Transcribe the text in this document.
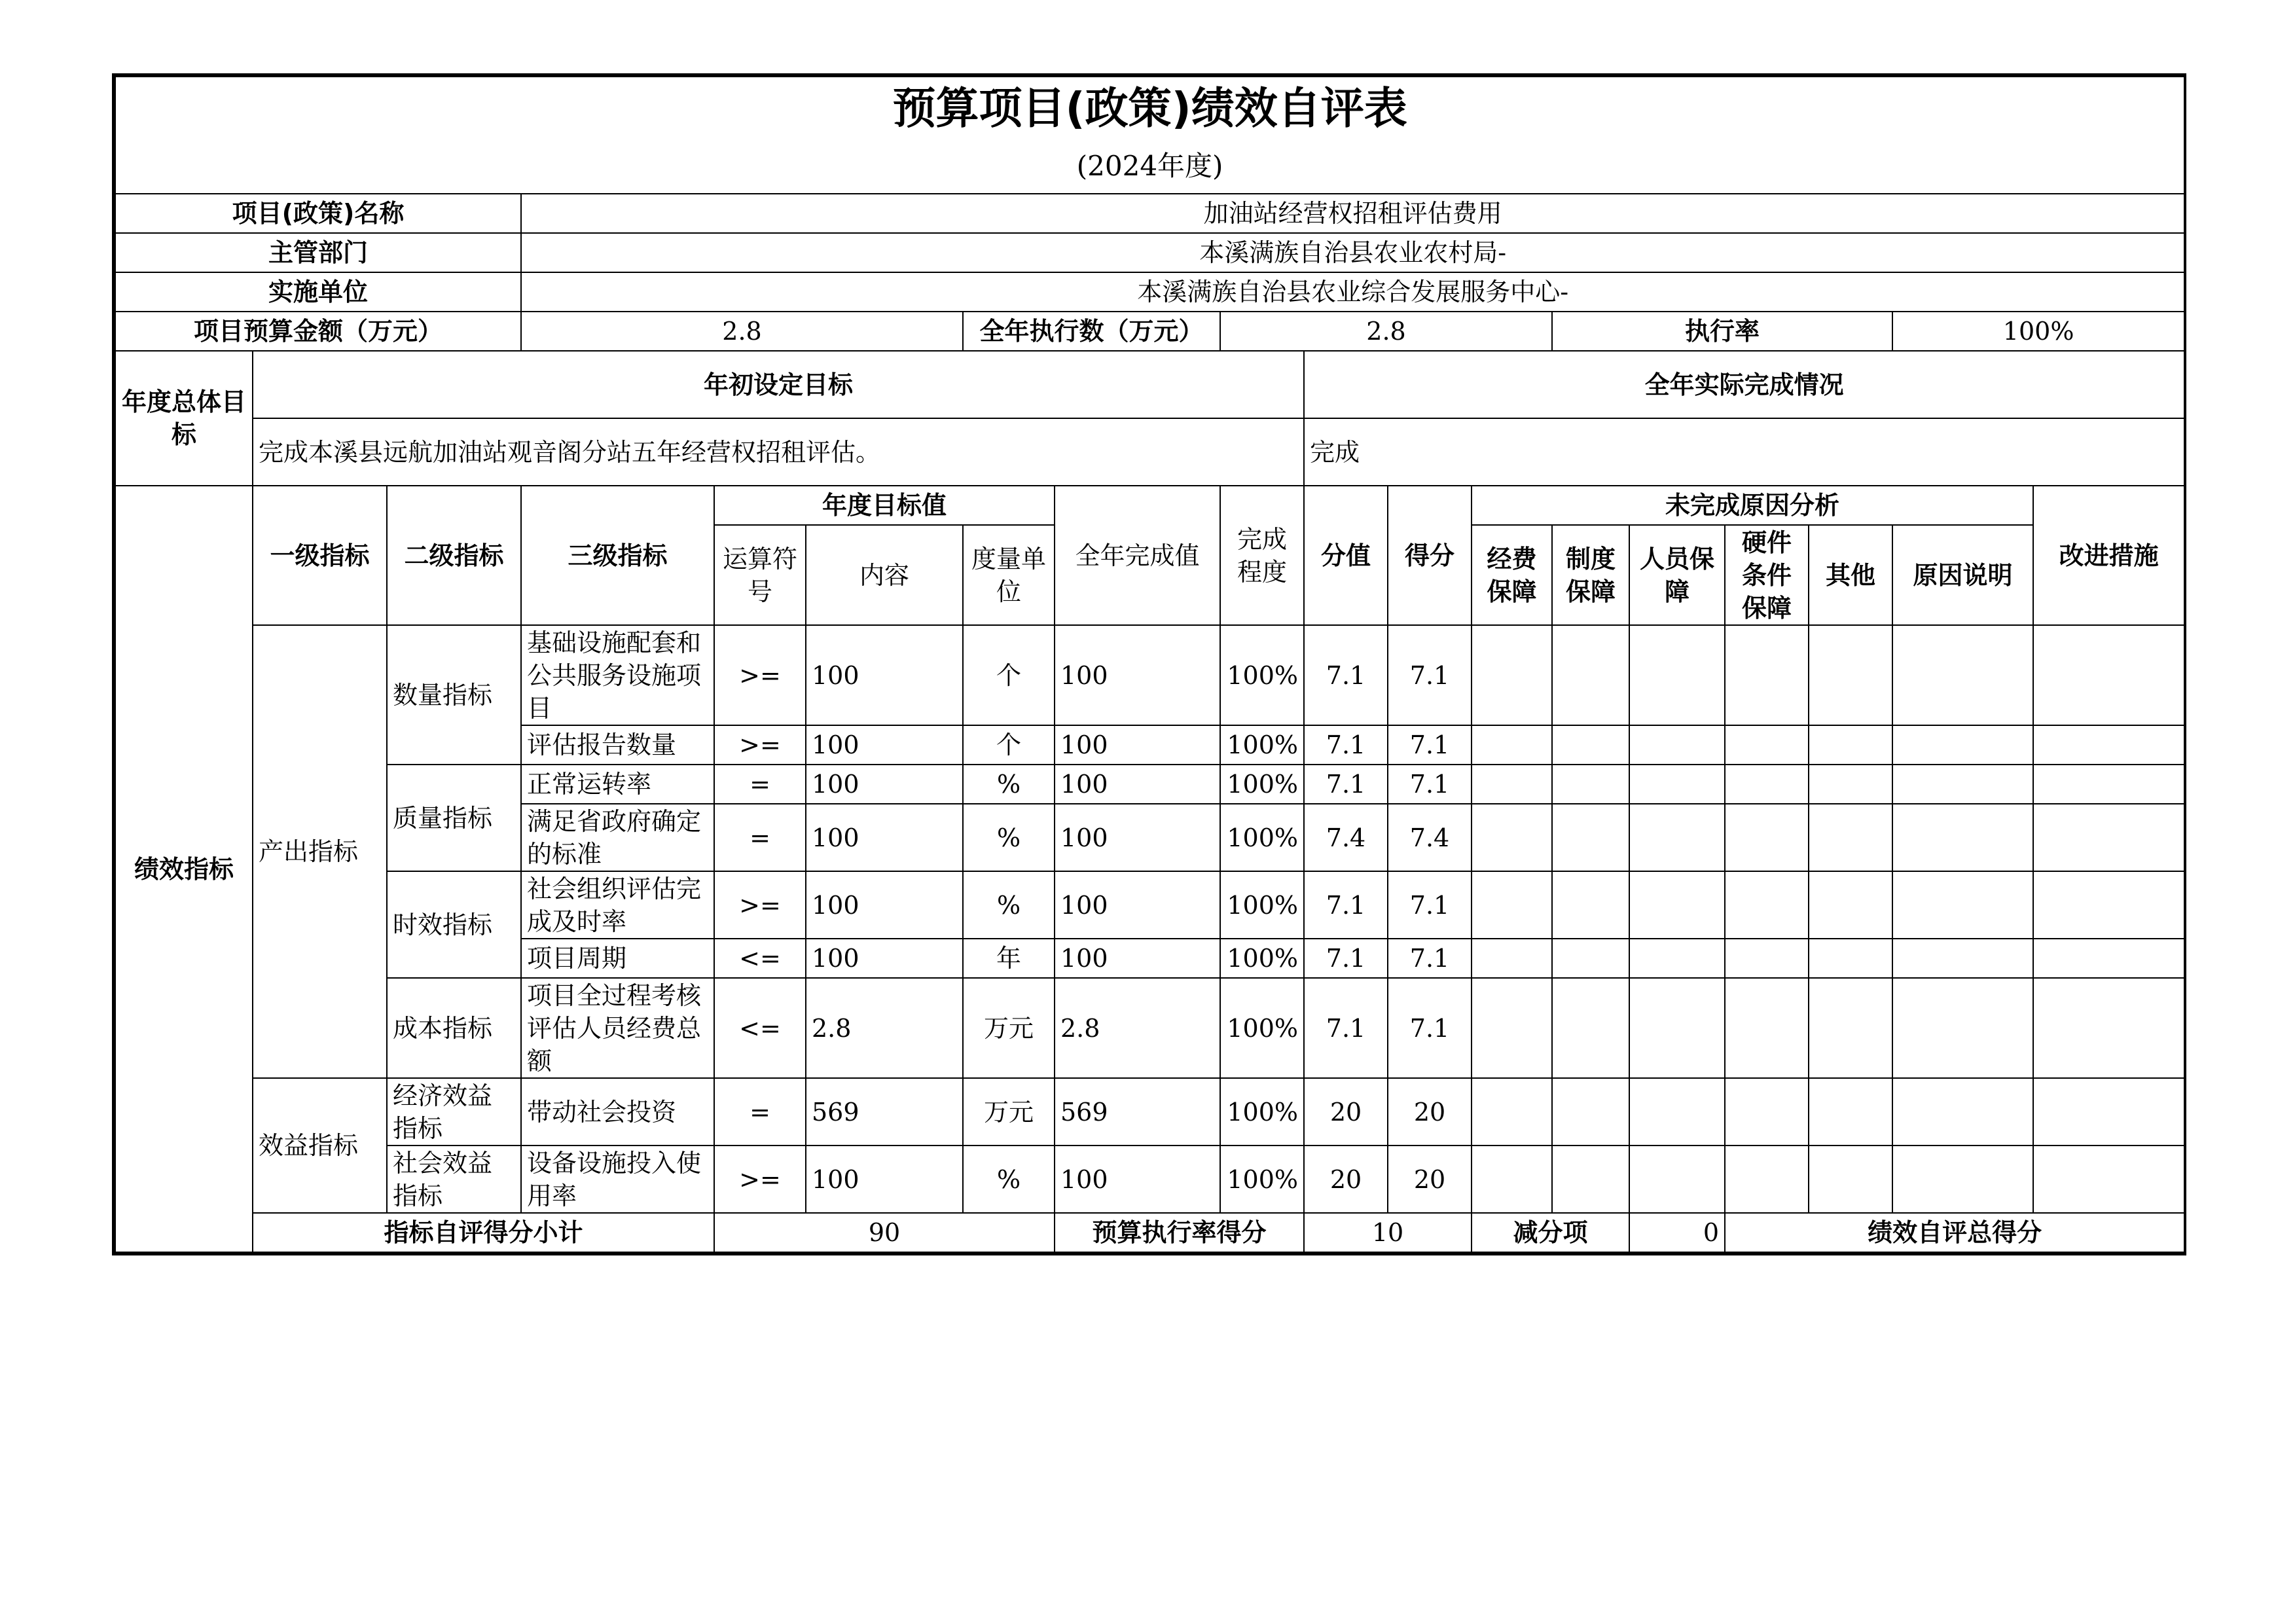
预算项目(政策)绩效自评表																		
(2024年度)																		
项目(政策)名称			加油站经营权招租评估费用															
主管部门			本溪满族自治县农业农村局-															
实施单位			本溪满族自治县农业综合发展服务中心-															
项目预算金额（万元）			2.8			全年执行数（万元）		2.8				执行率				100%		
年度总体目标	年初设定目标								全年实际完成情况									
	完成本溪县远航加油站观音阁分站五年经营权招租评估。								完成									
绩效指标	一级指标	二级指标	三级指标	年度目标值			全年完成值	完成程度	分值	得分	未完成原因分析						改进措施	
				运算符号	内容	度量单位					经费保障	制度保障	人员保障	硬件条件保障	其他	原因说明		
	产出指标	数量指标	基础设施配套和公共服务设施项目	>=	100	个	100	100%	7.1	7.1								
			评估报告数量	>=	100	个	100	100%	7.1	7.1								
		质量指标	正常运转率	=	100	%	100	100%	7.1	7.1								
			满足省政府确定的标准	=	100	%	100	100%	7.4	7.4								
		时效指标	社会组织评估完成及时率	>=	100	%	100	100%	7.1	7.1								
			项目周期	<=	100	年	100	100%	7.1	7.1								
		成本指标	项目全过程考核评估人员经费总额	<=	2.8	万元	2.8	100%	7.1	7.1								
	效益指标	经济效益指标	带动社会投资	=	569	万元	569	100%	20	20								
		社会效益指标	设备设施投入使用率	>=	100	%	100	100%	20	20								
	指标自评得分小计			90			预算执行率得分		10		减分项		0	绩效自评总得分	
